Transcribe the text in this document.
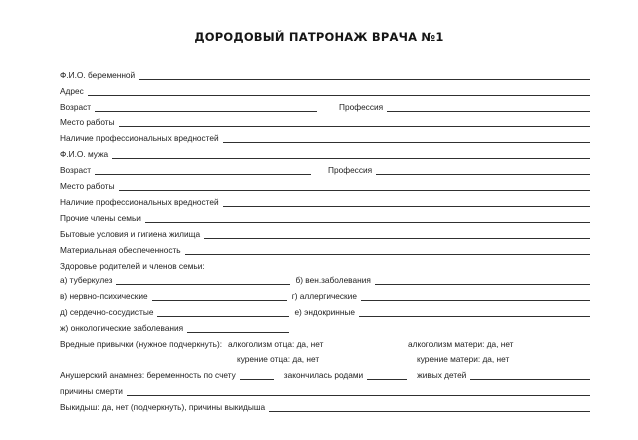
ДОРОДОВЫЙ ПАТРОНАЖ ВРАЧА №1
Ф.И.О. беременной
Адрес
Возраст	Профессия
Место работы
Наличие профессиональных вредностей
Ф.И.О. мужа
Возраст	Профессия
Место работы
Наличие профессиональных вредностей
Прочие члены семьи
Бытовые условия и гигиена жилища
Материальная обеспеченность
Здоровье родителей и членов семьи:
а) туберкулез	б) вен.заболевания
в) нервно-психические	г) аллергические
д) сердечно-сосудистые	е) эндокринные
ж) онкологические заболевания
Вредные привычки (нужное подчеркнуть): алкоголизм отца: да, нет	алкоголизм матери: да, нет
курение отца: да, нет	курение матери: да, нет
Анушерский анамнез: беременность по счету	закончилась родами	живых детей
причины смерти
Выкидыш: да, нет (подчеркнуть), причины выкидыша
